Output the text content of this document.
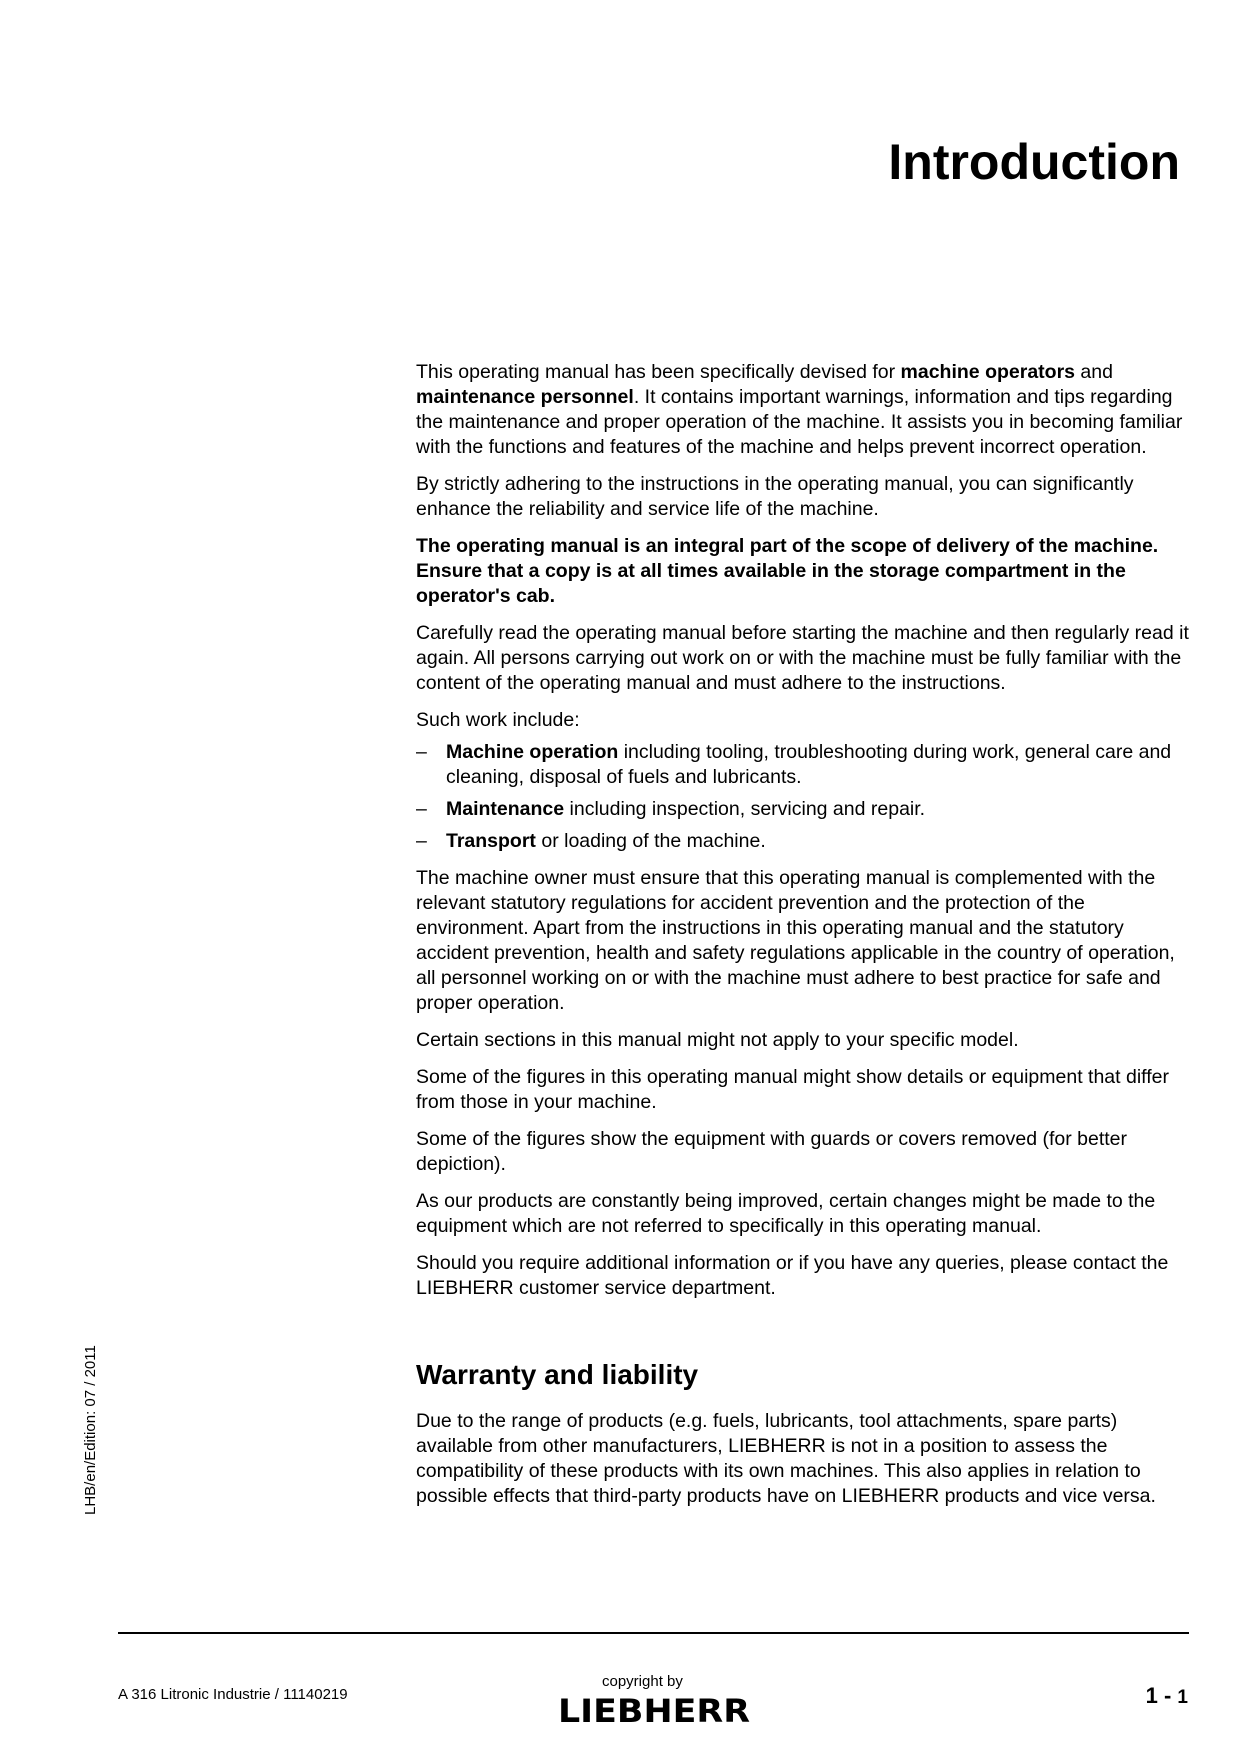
Introduction

This operating manual has been specifically devised for machine operators and maintenance personnel. It contains important warnings, information and tips regarding the maintenance and proper operation of the machine. It assists you in becoming familiar with the functions and features of the machine and helps prevent incorrect operation.

By strictly adhering to the instructions in the operating manual, you can significantly enhance the reliability and service life of the machine.

The operating manual is an integral part of the scope of delivery of the machine. Ensure that a copy is at all times available in the storage compartment in the operator's cab.

Carefully read the operating manual before starting the machine and then regularly read it again. All persons carrying out work on or with the machine must be fully familiar with the content of the operating manual and must adhere to the instructions.

Such work include:

– Machine operation including tooling, troubleshooting during work, general care and cleaning, disposal of fuels and lubricants.
– Maintenance including inspection, servicing and repair.
– Transport or loading of the machine.

The machine owner must ensure that this operating manual is complemented with the relevant statutory regulations for accident prevention and the protection of the environment. Apart from the instructions in this operating manual and the statutory accident prevention, health and safety regulations applicable in the country of operation, all personnel working on or with the machine must adhere to best practice for safe and proper operation.

Certain sections in this manual might not apply to your specific model.

Some of the figures in this operating manual might show details or equipment that differ from those in your machine.

Some of the figures show the equipment with guards or covers removed (for better depiction).

As our products are constantly being improved, certain changes might be made to the equipment which are not referred to specifically in this operating manual.

Should you require additional information or if you have any queries, please contact the LIEBHERR customer service department.

Warranty and liability

Due to the range of products (e.g. fuels, lubricants, tool attachments, spare parts) available from other manufacturers, LIEBHERR is not in a position to assess the compatibility of these products with its own machines. This also applies in relation to possible effects that third-party products have on LIEBHERR products and vice versa.

LHB/en/Edition: 07 / 2011
A 316 Litronic Industrie / 11140219
copyright by
LIEBHERR	1 - 1
